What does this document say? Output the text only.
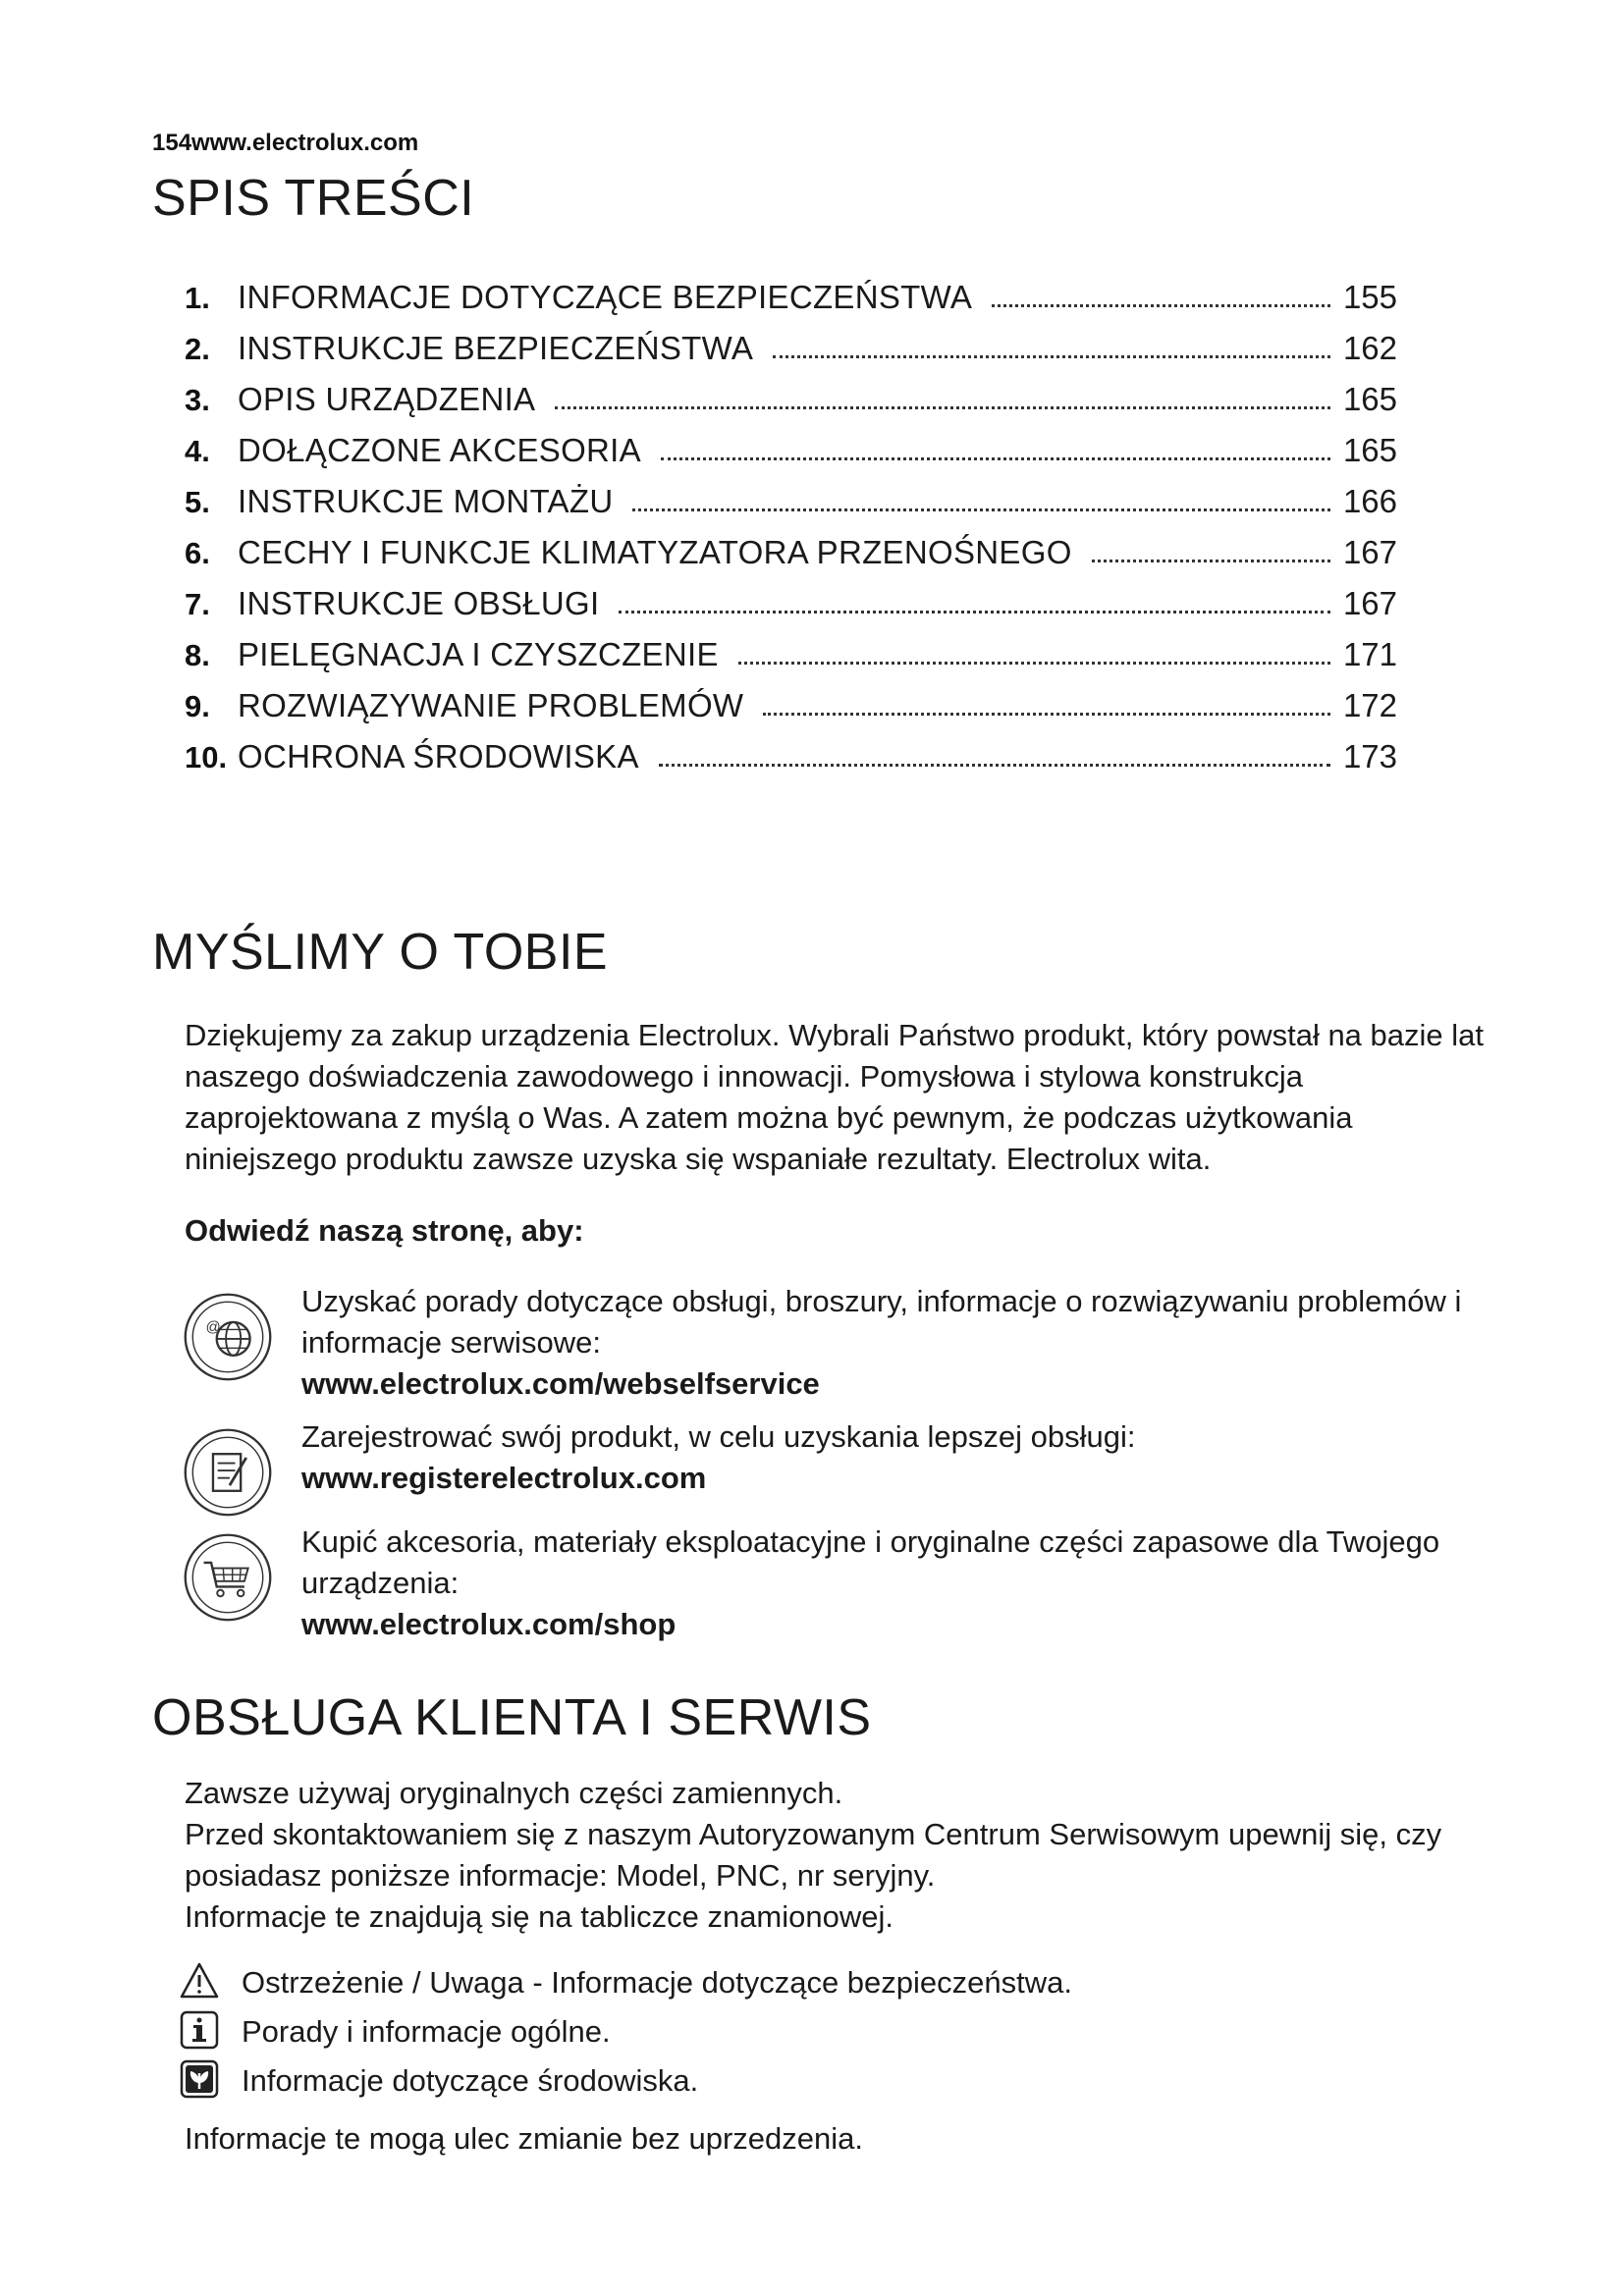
154www.electrolux.com
SPIS TREŚCI
1. INFORMACJE DOTYCZĄCE BEZPIECZEŃSTWA	155
2. INSTRUKCJE BEZPIECZEŃSTWA	162
3. OPIS URZĄDZENIA	165
4. DOŁĄCZONE AKCESORIA	165
5. INSTRUKCJE MONTAŻU	166
6. CECHY I FUNKCJE KLIMATYZATORA PRZENOŚNEGO	167
7. INSTRUKCJE OBSŁUGI	167
8. PIELĘGNACJA I CZYSZCZENIE	171
9. ROZWIĄZYWANIE PROBLEMÓW	172
10. OCHRONA ŚRODOWISKA	173
MYŚLIMY O TOBIE

Dziękujemy za zakup urządzenia Electrolux. Wybrali Państwo produkt, który powstał na bazie lat naszego doświadczenia zawodowego i innowacji. Pomysłowa i stylowa konstrukcja zaprojektowana z myślą o Was. A zatem można być pewnym, że podczas użytkowania niniejszego produktu zawsze uzyska się wspaniałe rezultaty. Electrolux wita.

Odwiedź naszą stronę, aby:
@
Uzyskać porady dotyczące obsługi, broszury, informacje o rozwiązywaniu problemów i informacje serwisowe:
www.electrolux.com/webselfservice
Zarejestrować swój produkt, w celu uzyskania lepszej obsługi:
www.registerelectrolux.com
Kupić akcesoria, materiały eksploatacyjne i oryginalne części zapasowe dla Twojego urządzenia:
www.electrolux.com/shop
OBSŁUGA KLIENTA I SERWIS
Zawsze używaj oryginalnych części zamiennych.
Przed skontaktowaniem się z naszym Autoryzowanym Centrum Serwisowym upewnij się, czy posiadasz poniższe informacje: Model, PNC, nr seryjny.
Informacje te znajdują się na tabliczce znamionowej.
Ostrzeżenie / Uwaga - Informacje dotyczące bezpieczeństwa.
Porady i informacje ogólne.
Informacje dotyczące środowiska.

Informacje te mogą ulec zmianie bez uprzedzenia.
